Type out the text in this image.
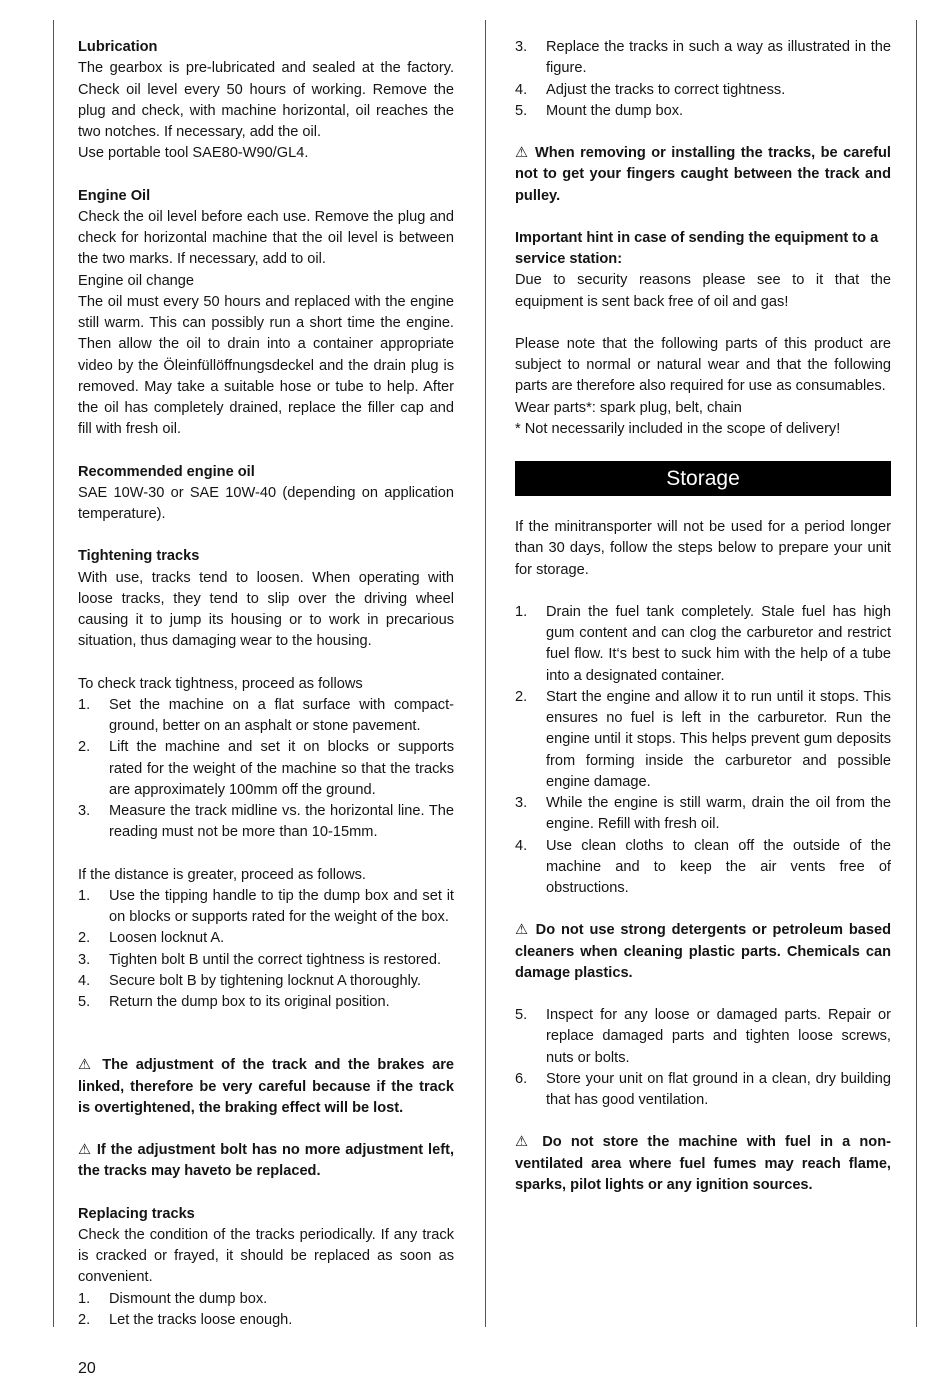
Lubrication

The gearbox is pre-lubricated and sealed at the factory. Check oil level every 50 hours of working. Remove the plug and check, with machine horizontal, oil reaches the two notches. If necessary, add the oil.

Use portable tool SAE80-W90/GL4.

Engine Oil

Check the oil level before each use. Remove the plug and check for horizontal machine that the oil level is between the two marks. If necessary, add to oil.

Engine oil change

The oil must every 50 hours and replaced with the engine still warm. This can possibly run a short time the engine. Then allow the oil to drain into a container appropriate video by the Öleinfüllöffnungsdeckel and the drain plug is removed. May take a suitable hose or tube to help. After the oil has completely drained, replace the filler cap and fill with fresh oil.

Recommended engine oil

SAE 10W-30 or SAE 10W-40 (depending on application temperature).

Tightening tracks

With use, tracks tend to loosen. When operating with loose tracks, they tend to slip over the driving wheel causing it to jump its housing or to work in precarious situation, thus damaging wear to the housing.

To check track tightness, proceed as follows

1.	Set the machine on a flat surface with compact-ground, better on an asphalt or stone pavement.
2.	Lift the machine and set it on blocks or supports rated for the weight of the machine so that the tracks are approximately 100mm off the ground.
3.	Measure the track midline vs. the horizontal line. The reading must not be more than 10-15mm.

If the distance is greater, proceed as follows.

1.	Use the tipping handle to tip the dump box and set it on blocks or supports rated for the weight of the box.
2.	Loosen locknut A.
3.	Tighten bolt B until the correct tightness is restored.
4.	Secure bolt B by tightening locknut A thoroughly.
5.	Return the dump box to its original position.

⚠ The adjustment of the track and the brakes are linked, therefore be very careful because if the track is overtightened, the braking effect will be lost.

⚠ If the adjustment bolt has no more adjustment left, the tracks may haveto be replaced.

Replacing tracks

Check the condition of the tracks periodically. If any track is cracked or frayed, it should be replaced as soon as convenient.

1.	Dismount the dump box.
2.	Let the tracks loose enough.
3.	Replace the tracks in such a way as illustrated in the figure.
4.	Adjust the tracks to correct tightness.
5.	Mount the dump box.

⚠ When removing or installing the tracks, be careful not to get your fingers caught between the track and pulley.

Important hint in case of sending the equipment to a service station:

Due to security reasons please see to it that the equipment is sent back free of oil and gas!

Please note that the following parts of this product are subject to normal or natural wear and that the following parts are therefore also required for use as consumables.

Wear parts*: spark plug, belt, chain

* Not necessarily included in the scope of delivery!

Storage

If the minitransporter will not be used for a period longer than 30 days, follow the steps below to prepare your unit for storage.

1.	Drain the fuel tank completely. Stale fuel has high gum content and can clog the carburetor and restrict fuel flow. It‘s best to suck him with the help of a tube into a designated container.
2.	Start the engine and allow it to run until it stops. This ensures no fuel is left in the carburetor. Run the engine until it stops. This helps prevent gum deposits from forming inside the carburetor and possible engine damage.
3.	While the engine is still warm, drain the oil from the engine. Refill with fresh oil.
4.	Use clean cloths to clean off the outside of the machine and to keep the air vents free of obstructions.

⚠ Do not use strong detergents or petroleum based cleaners when cleaning plastic parts. Chemicals can damage plastics.

5.	Inspect for any loose or damaged parts. Repair or replace damaged parts and tighten loose screws, nuts or bolts.
6.	Store your unit on flat ground in a clean, dry building that has good ventilation.

⚠ Do not store the machine with fuel in a non-ventilated area where fuel fumes may reach flame, sparks, pilot lights or any ignition sources.

20
